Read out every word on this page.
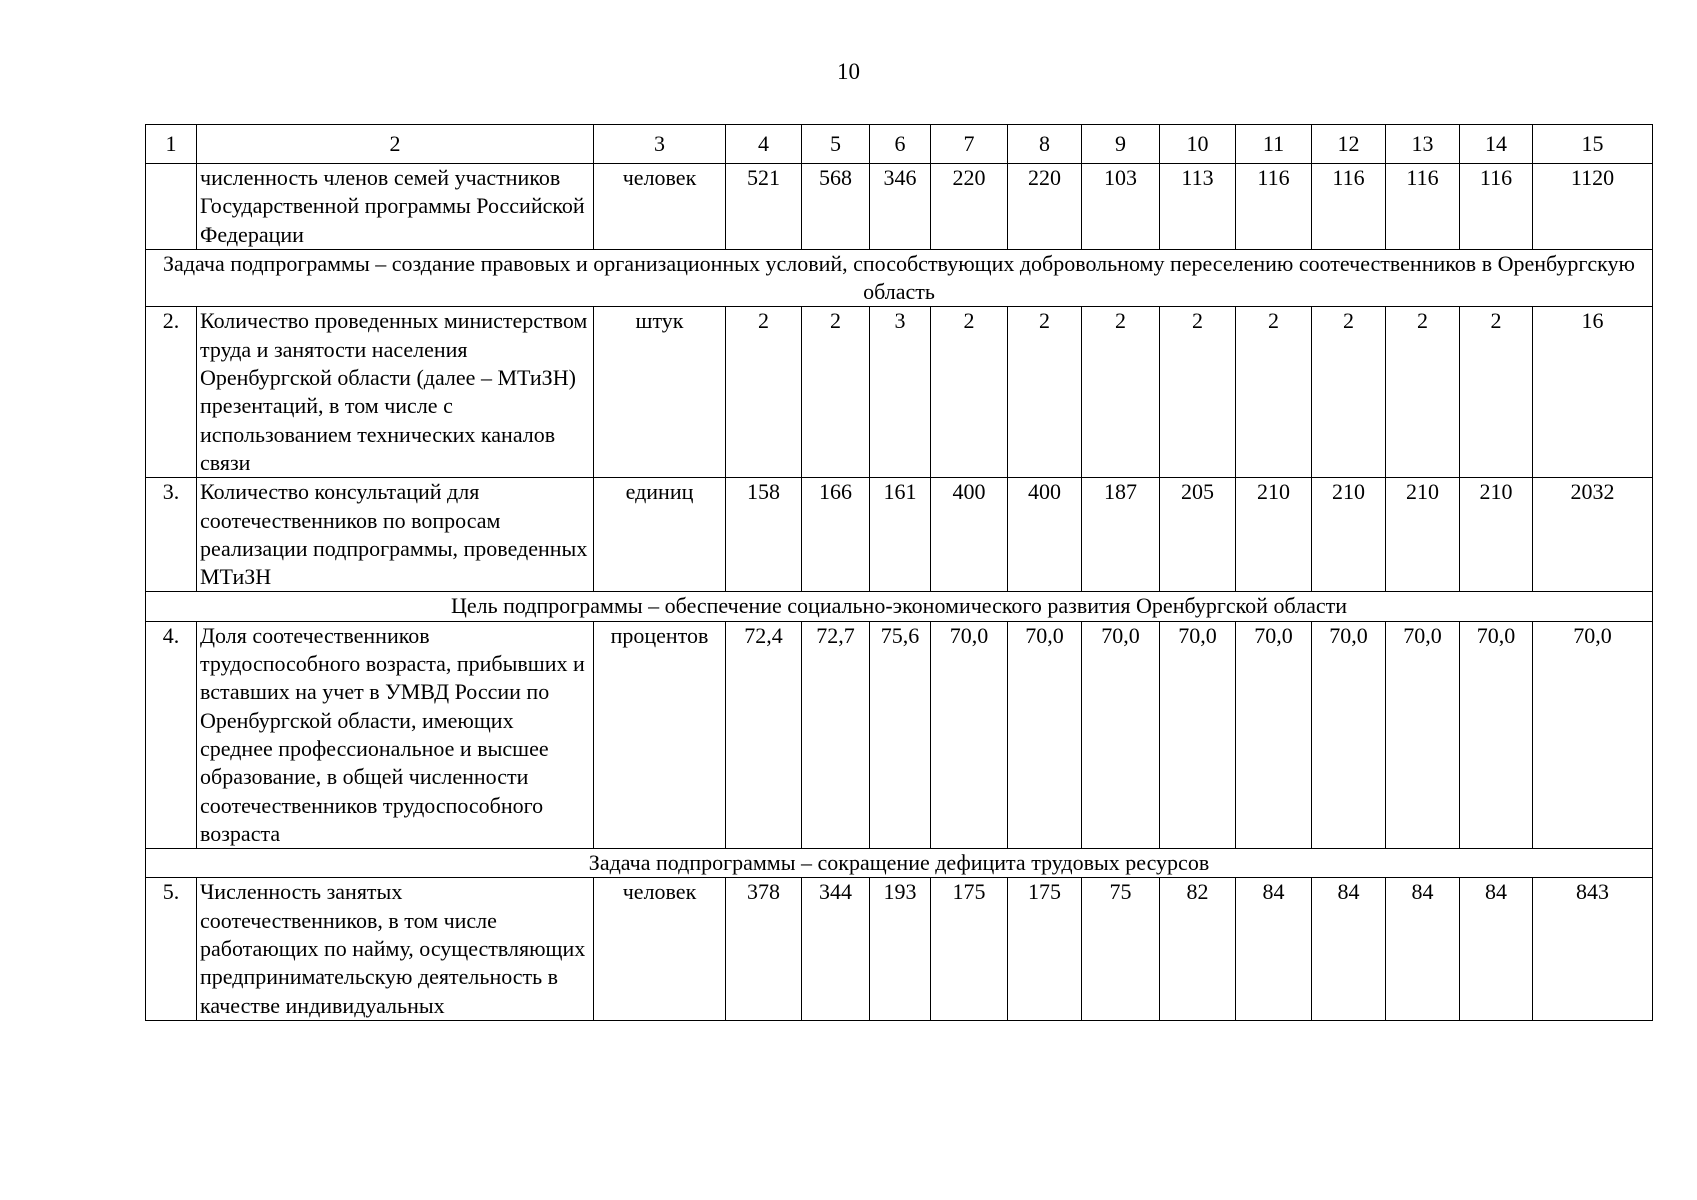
10
1	2	3	4	5	6	7	8	9	10	11	12	13	14	15
	численность членов семей участников Государственной программы Российской Федерации	человек	521	568	346	220	220	103	113	116	116	116	116	1120
Задача подпрограммы – создание правовых и организационных условий, способствующих добровольному переселению соотечественников в Оренбургскую область														
2.	Количество проведенных министерством труда и занятости населения Оренбургской области (далее – МТиЗН) презентаций, в том числе с использованием технических каналов связи	штук	2	2	3	2	2	2	2	2	2	2	2	16
3.	Количество консультаций для соотечественников по вопросам реализации подпрограммы, проведенных МТиЗН	единиц	158	166	161	400	400	187	205	210	210	210	210	2032
Цель подпрограммы – обеспечение социально-экономического развития Оренбургской области														
4.	Доля соотечественников трудоспособного возраста, прибывших и вставших на учет в УМВД России по Оренбургской области, имеющих среднее профессиональное и высшее образование, в общей численности соотечественников трудоспособного возраста	процентов	72,4	72,7	75,6	70,0	70,0	70,0	70,0	70,0	70,0	70,0	70,0	70,0
Задача подпрограммы – сокращение дефицита трудовых ресурсов														
5.	Численность занятых соотечественников, в том числе работающих по найму, осуществляющих предпринимательскую деятельность в качестве индивидуальных	человек	378	344	193	175	175	75	82	84	84	84	84	843
